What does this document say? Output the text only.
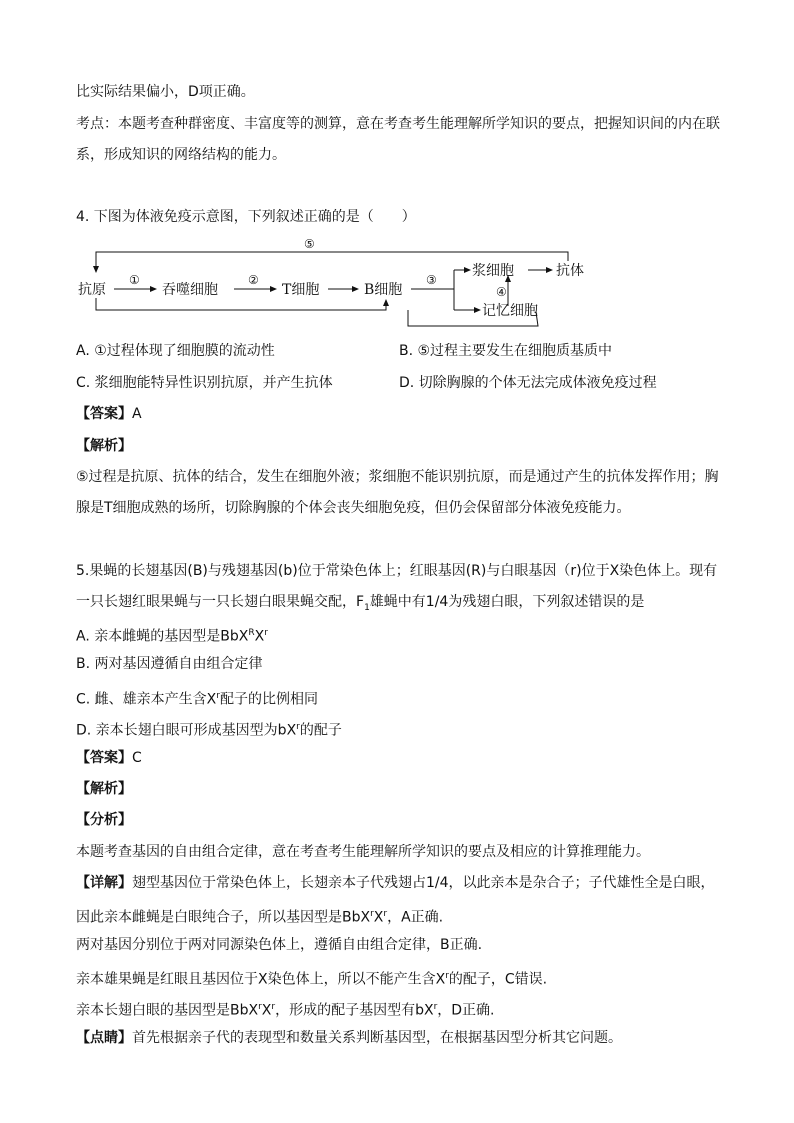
比实际结果偏小，D项正确。
考点：本题考查种群密度、丰富度等的测算，意在考查考生能理解所学知识的要点，把握知识间的内在联
系，形成知识的网络结构的能力。
4. 下图为体液免疫示意图，下列叙述正确的是（　　）
抗原	吞噬细胞	T细胞	B细胞
浆细胞	抗体
记忆细胞
①	②	③
④
⑤
A. ①过程体现了细胞膜的流动性	B. ⑤过程主要发生在细胞质基质中
C. 浆细胞能特异性识别抗原，并产生抗体	D. 切除胸腺的个体无法完成体液免疫过程
【答案】A
【解析】
⑤过程是抗原、抗体的结合，发生在细胞外液；浆细胞不能识别抗原，而是通过产生的抗体发挥作用；胸
腺是T细胞成熟的场所，切除胸腺的个体会丧失细胞免疫，但仍会保留部分体液免疫能力。
5.果蝇的长翅基因(B)与残翅基因(b)位于常染色体上；红眼基因(R)与白眼基因（r)位于X染色体上。现有
一只长翅红眼果蝇与一只长翅白眼果蝇交配，$F_1$雄蝇中有1/4为残翅白眼，下列叙述错误的是
A. 亲本雌蝇的基因型是$BbX^RX^r$
B. 两对基因遵循自由组合定律
C. 雌、雄亲本产生含$X^r$配子的比例相同
D. 亲本长翅白眼可形成基因型为$bX^r$的配子
【答案】C
【解析】
【分析】
本题考查基因的自由组合定律，意在考查考生能理解所学知识的要点及相应的计算推理能力。
【详解】翅型基因位于常染色体上，长翅亲本子代残翅占1/4，以此亲本是杂合子；子代雄性全是白眼，
因此亲本雌蝇是白眼纯合子，所以基因型是$BbX^rX^r$，A正确.
两对基因分别位于两对同源染色体上，遵循自由组合定律，B正确.
亲本雄果蝇是红眼且基因位于X染色体上，所以不能产生含$X^r$的配子，C错误.
亲本长翅白眼的基因型是$BbX^rX^r$，形成的配子基因型有$bX^r$，D正确.
【点睛】首先根据亲子代的表现型和数量关系判断基因型，在根据基因型分析其它问题。
